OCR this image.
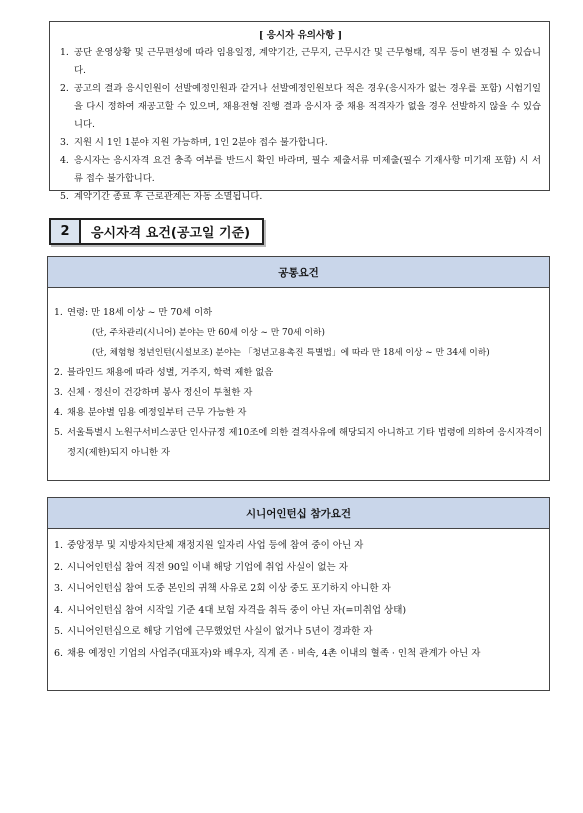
[ 응시자 유의사항 ]
1. 공단 운영상황 및 근무편성에 따라 임용일정, 계약기간, 근무지, 근무시간 및 근무형태, 직무 등이 변경될 수 있습니다.
2. 공고의 결과 응시인원이 선발예정인원과 같거나 선발예정인원보다 적은 경우(응시자가 없는 경우를 포함) 시험기일을 다시 정하여 재공고할 수 있으며, 채용전형 진행 결과 응시자 중 채용 적격자가 없을 경우 선발하지 않을 수 있습니다.
3. 지원 시 1인 1분야 지원 가능하며, 1인 2분야 접수 불가합니다.
4. 응시자는 응시자격 요건 충족 여부를 반드시 확인 바라며, 필수 제출서류 미제출(필수 기재사항 미기재 포함) 시 서류 접수 불가합니다.
5. 계약기간 종료 후 근로관계는 자동 소멸됩니다.
2	응시자격 요건(공고일 기준)
공통요건
1. 연령: 만 18세 이상 ~ 만 70세 이하
(단, 주차관리(시니어) 분야는 만 60세 이상 ~ 만 70세 이하)
(단, 체험형 청년인턴(시설보조) 분야는 「청년고용촉진 특별법」에 따라 만 18세 이상 ~ 만 34세 이하)
2. 블라인드 채용에 따라 성별, 거주지, 학력 제한 없음
3. 신체 · 정신이 건강하며 봉사 정신이 투철한 자
4. 채용 분야별 임용 예정일부터 근무 가능한 자
5. 서울특별시 노원구서비스공단 인사규정 제10조에 의한 결격사유에 해당되지 아니하고 기타 법령에 의하여 응시자격이 정지(제한)되지 아니한 자
시니어인턴십 참가요건
1. 중앙정부 및 지방자치단체 재정지원 일자리 사업 등에 참여 중이 아닌 자
2. 시니어인턴십 참여 직전 90일 이내 해당 기업에 취업 사실이 없는 자
3. 시니어인턴십 참여 도중 본인의 귀책 사유로 2회 이상 중도 포기하지 아니한 자
4. 시니어인턴십 참여 시작일 기준 4대 보험 자격을 취득 중이 아닌 자(=미취업 상태)
5. 시니어인턴십으로 해당 기업에 근무했었던 사실이 없거나 5년이 경과한 자
6. 채용 예정인 기업의 사업주(대표자)와 배우자, 직계 존 · 비속, 4촌 이내의 혈족 · 인척 관계가 아닌 자
